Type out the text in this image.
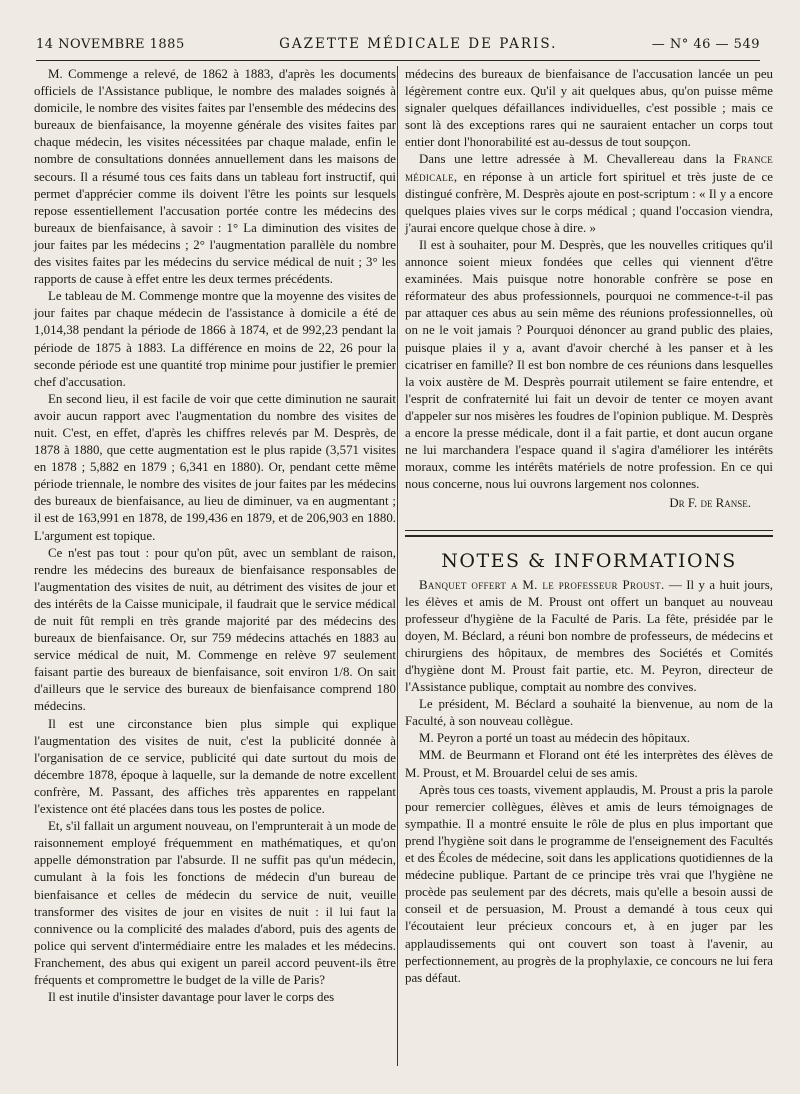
14 NOVEMBRE 1885	GAZETTE MÉDICALE DE PARIS.	— N° 46 — 549

M. Commenge a relevé, de 1862 à 1883, d'après les documents officiels de l'Assistance publique, le nombre des malades soignés à domicile, le nombre des visites faites par l'ensemble des médecins des bureaux de bienfaisance, la moyenne générale des visites faites par chaque médecin, les visites nécessitées par chaque malade, enfin le nombre de consultations données annuellement dans les maisons de secours. Il a résumé tous ces faits dans un tableau fort instructif, qui permet d'apprécier comme ils doivent l'être les points sur lesquels repose essentiellement l'accusation portée contre les médecins des bureaux de bienfaisance, à savoir : 1° La diminution des visites de jour faites par les médecins ; 2° l'augmentation parallèle du nombre des visites faites par les médecins du service médical de nuit ; 3° les rapports de cause à effet entre les deux termes précédents.

Le tableau de M. Commenge montre que la moyenne des visites de jour faites par chaque médecin de l'assistance à domicile a été de 1,014,38 pendant la période de 1866 à 1874, et de 992,23 pendant la période de 1875 à 1883. La différence en moins de 22, 26 pour la seconde période est une quantité trop minime pour justifier le premier chef d'accusation.

En second lieu, il est facile de voir que cette diminution ne saurait avoir aucun rapport avec l'augmentation du nombre des visites de nuit. C'est, en effet, d'après les chiffres relevés par M. Desprès, de 1878 à 1880, que cette augmentation est le plus rapide (3,571 visites en 1878 ; 5,882 en 1879 ; 6,341 en 1880). Or, pendant cette même période triennale, le nombre des visites de jour faites par les médecins des bureaux de bienfaisance, au lieu de diminuer, va en augmentant ; il est de 163,991 en 1878, de 199,436 en 1879, et de 206,903 en 1880. L'argument est topique.

Ce n'est pas tout : pour qu'on pût, avec un semblant de raison, rendre les médecins des bureaux de bienfaisance responsables de l'augmentation des visites de nuit, au détriment des visites de jour et des intérêts de la Caisse municipale, il faudrait que le service médical de nuit fût rempli en très grande majorité par des médecins des bureaux de bienfaisance. Or, sur 759 médecins attachés en 1883 au service médical de nuit, M. Commenge en relève 97 seulement faisant partie des bureaux de bienfaisance, soit environ 1/8. On sait d'ailleurs que le service des bureaux de bienfaisance comprend 180 médecins.

Il est une circonstance bien plus simple qui explique l'augmentation des visites de nuit, c'est la publicité donnée à l'organisation de ce service, publicité qui date surtout du mois de décembre 1878, époque à laquelle, sur la demande de notre excellent confrère, M. Passant, des affiches très apparentes en rappelant l'existence ont été placées dans tous les postes de police.

Et, s'il fallait un argument nouveau, on l'emprunterait à un mode de raisonnement employé fréquemment en mathématiques, et qu'on appelle démonstration par l'absurde. Il ne suffit pas qu'un médecin, cumulant à la fois les fonctions de médecin d'un bureau de bienfaisance et celles de médecin du service de nuit, veuille transformer des visites de jour en visites de nuit : il lui faut la connivence ou la complicité des malades d'abord, puis des agents de police qui servent d'intermédiaire entre les malades et les médecins. Franchement, des abus qui exigent un pareil accord peuvent-ils être fréquents et compromettre le budget de la ville de Paris?

Il est inutile d'insister davantage pour laver le corps des

médecins des bureaux de bienfaisance de l'accusation lancée un peu légèrement contre eux. Qu'il y ait quelques abus, qu'on puisse même signaler quelques défaillances individuelles, c'est possible ; mais ce sont là des exceptions rares qui ne sauraient entacher un corps tout entier dont l'honorabilité est au-dessus de tout soupçon.

Dans une lettre adressée à M. Chevallereau dans la France médicale, en réponse à un article fort spirituel et très juste de ce distingué confrère, M. Desprès ajoute en post-scriptum : « Il y a encore quelques plaies vives sur le corps médical ; quand l'occasion viendra, j'aurai encore quelque chose à dire. »

Il est à souhaiter, pour M. Desprès, que les nouvelles critiques qu'il annonce soient mieux fondées que celles qui viennent d'être examinées. Mais puisque notre honorable confrère se pose en réformateur des abus professionnels, pourquoi ne commence-t-il pas par attaquer ces abus au sein même des réunions professionnelles, où on ne le voit jamais ? Pourquoi dénoncer au grand public des plaies, puisque plaies il y a, avant d'avoir cherché à les panser et à les cicatriser en famille? Il est bon nombre de ces réunions dans lesquelles la voix austère de M. Desprès pourrait utilement se faire entendre, et l'esprit de confraternité lui fait un devoir de tenter ce moyen avant d'appeler sur nos misères les foudres de l'opinion publique. M. Desprès a encore la presse médicale, dont il a fait partie, et dont aucun organe ne lui marchandera l'espace quand il s'agira d'améliorer les intérêts moraux, comme les intérêts matériels de notre profession. En ce qui nous concerne, nous lui ouvrons largement nos colonnes.

Dr F. de Ranse.

NOTES & INFORMATIONS

Banquet offert a M. le professeur Proust. — Il y a huit jours, les élèves et amis de M. Proust ont offert un banquet au nouveau professeur d'hygiène de la Faculté de Paris. La fête, présidée par le doyen, M. Béclard, a réuni bon nombre de professeurs, de médecins et chirurgiens des hôpitaux, de membres des Sociétés et Comités d'hygiène dont M. Proust fait partie, etc. M. Peyron, directeur de l'Assistance publique, comptait au nombre des convives.

Le président, M. Béclard a souhaité la bienvenue, au nom de la Faculté, à son nouveau collègue.

M. Peyron a porté un toast au médecin des hôpitaux.

MM. de Beurmann et Florand ont été les interprètes des élèves de M. Proust, et M. Brouardel celui de ses amis.

Après tous ces toasts, vivement applaudis, M. Proust a pris la parole pour remercier collègues, élèves et amis de leurs témoignages de sympathie. Il a montré ensuite le rôle de plus en plus important que prend l'hygiène soit dans le programme de l'enseignement des Facultés et des Écoles de médecine, soit dans les applications quotidiennes de la médecine publique. Partant de ce principe très vrai que l'hygiène ne procède pas seulement par des décrets, mais qu'elle a besoin aussi de conseil et de persuasion, M. Proust a demandé à tous ceux qui l'écoutaient leur précieux concours et, à en juger par les applaudissements qui ont couvert son toast à l'avenir, au perfectionnement, au progrès de la prophylaxie, ce concours ne lui fera pas défaut.
